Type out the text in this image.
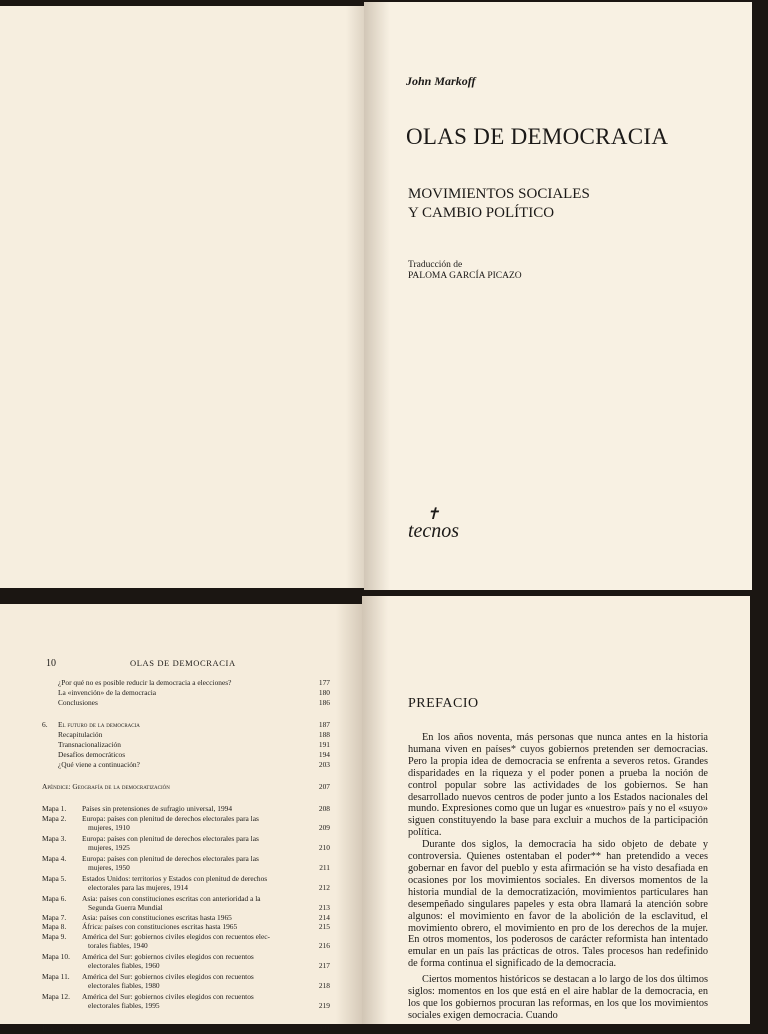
John Markoff
OLAS DE DEMOCRACIA
MOVIMIENTOS SOCIALES
Y CAMBIO POLÍTICO
Traducción de
PALOMA GARCÍA PICAZO
✝
tecnos
10	OLAS DE DEMOCRACIA
¿Por qué no es posible reducir la democracia a elecciones?	177
La «invención» de la democracia	180
Conclusiones	186
6. El futuro de la democracia	187
Recapitulación	188
Transnacionalización	191
Desafíos democráticos	194
¿Qué viene a continuación?	203
Apéndice: Geografía de la democratización	207
Mapa 1. Países sin pretensiones de sufragio universal, 1994	208
Mapa 2. Europa: países con plenitud de derechos electorales para las
mujeres, 1910	209
Mapa 3. Europa: países con plenitud de derechos electorales para las
mujeres, 1925	210
Mapa 4. Europa: países con plenitud de derechos electorales para las
mujeres, 1950	211
Mapa 5. Estados Unidos: territorios y Estados con plenitud de derechos
electorales para las mujeres, 1914	212
Mapa 6. Asia: países con constituciones escritas con anterioridad a la
Segunda Guerra Mundial	213
Mapa 7. Asia: países con constituciones escritas hasta 1965	214
Mapa 8. África: países con constituciones escritas hasta 1965	215
Mapa 9. América del Sur: gobiernos civiles elegidos con recuentos elec-
torales fiables, 1940	216
Mapa 10. América del Sur: gobiernos civiles elegidos con recuentos
electorales fiables, 1960	217
Mapa 11. América del Sur: gobiernos civiles elegidos con recuentos
electorales fiables, 1980	218
Mapa 12. América del Sur: gobiernos civiles elegidos con recuentos
electorales fiables, 1995	219
Índice analítico	221
PREFACIO

En los años noventa, más personas que nunca antes en la historia humana viven en países* cuyos gobiernos pretenden ser democracias. Pero la propia idea de democracia se enfrenta a severos retos. Grandes disparidades en la riqueza y el poder ponen a prueba la noción de control popular sobre las actividades de los gobiernos. Se han desarrollado nuevos centros de poder junto a los Estados nacionales del mundo. Expresiones como que un lugar es «nuestro» país y no el «suyo» siguen constituyendo la base para excluir a muchos de la participación política.

Durante dos siglos, la democracia ha sido objeto de debate y controversia. Quienes ostentaban el poder** han pretendido a veces gobernar en favor del pueblo y esta afirmación se ha visto desafiada en ocasiones por los movimientos sociales. En diversos momentos de la historia mundial de la democratización, movimientos particulares han desempeñado singulares papeles y esta obra llamará la atención sobre algunos: el movimiento en favor de la abolición de la esclavitud, el movimiento obrero, el movimiento en pro de los derechos de la mujer. En otros momentos, los poderosos de carácter reformista han intentado emular en un país las prácticas de otros. Tales procesos han redefinido de forma continua el significado de la democracia.

Ciertos momentos históricos se destacan a lo largo de los dos últimos siglos: momentos en los que está en el aire hablar de la democracia, en los que los gobiernos procuran las reformas, en los que los movimientos sociales exigen democracia. Cuando
